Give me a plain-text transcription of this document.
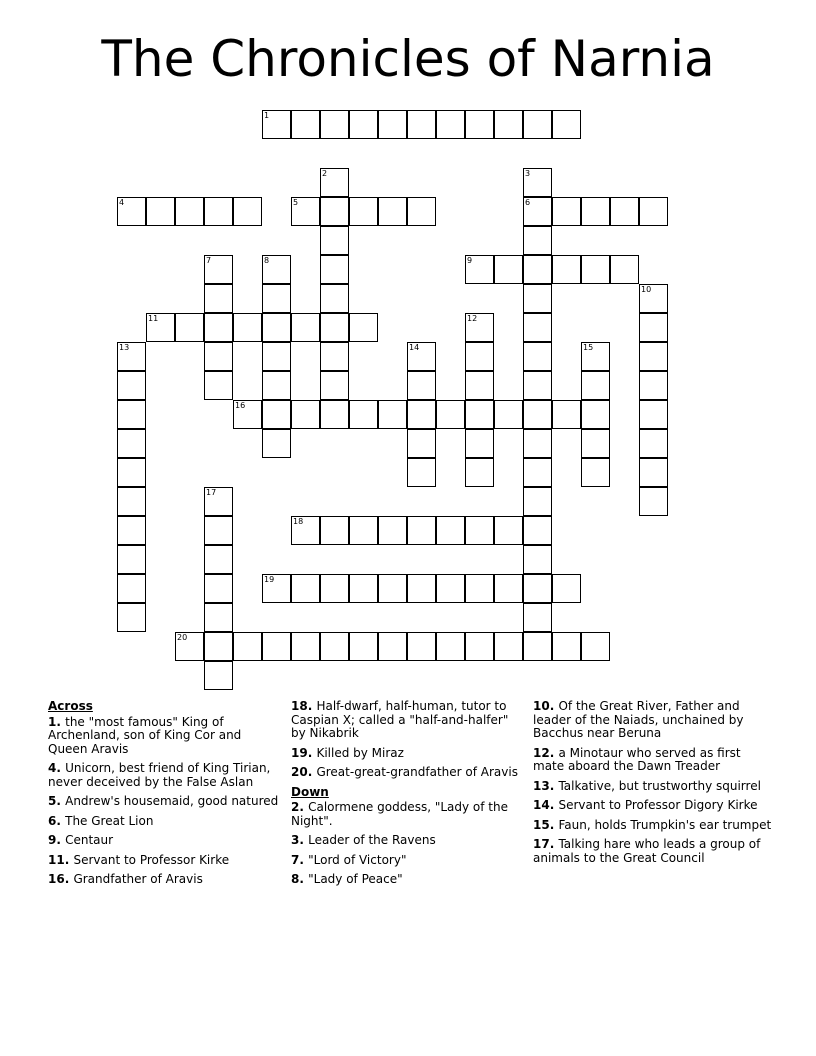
The Chronicles of Narnia
1
2	3
6
4	5
7	8	9
10
11	12
13	14	15
16
17
18
19
20
Across
1. the "most famous" King of Archenland, son of King Cor and Queen Aravis
4. Unicorn, best friend of King Tirian, never deceived by the False Aslan
5. Andrew's housemaid, good natured
6. The Great Lion
9. Centaur
11. Servant to Professor Kirke
16. Grandfather of Aravis
18. Half-dwarf, half-human, tutor to Caspian X; called a "half-and-halfer" by Nikabrik
19. Killed by Miraz
20. Great-great-grandfather of Aravis
Down
2. Calormene goddess, "Lady of the Night".
3. Leader of the Ravens
7. "Lord of Victory"
8. "Lady of Peace"
10. Of the Great River, Father and leader of the Naiads, unchained by Bacchus near Beruna
12. a Minotaur who served as first mate aboard the Dawn Treader
13. Talkative, but trustworthy squirrel
14. Servant to Professor Digory Kirke
15. Faun, holds Trumpkin's ear trumpet
17. Talking hare who leads a group of animals to the Great Council
